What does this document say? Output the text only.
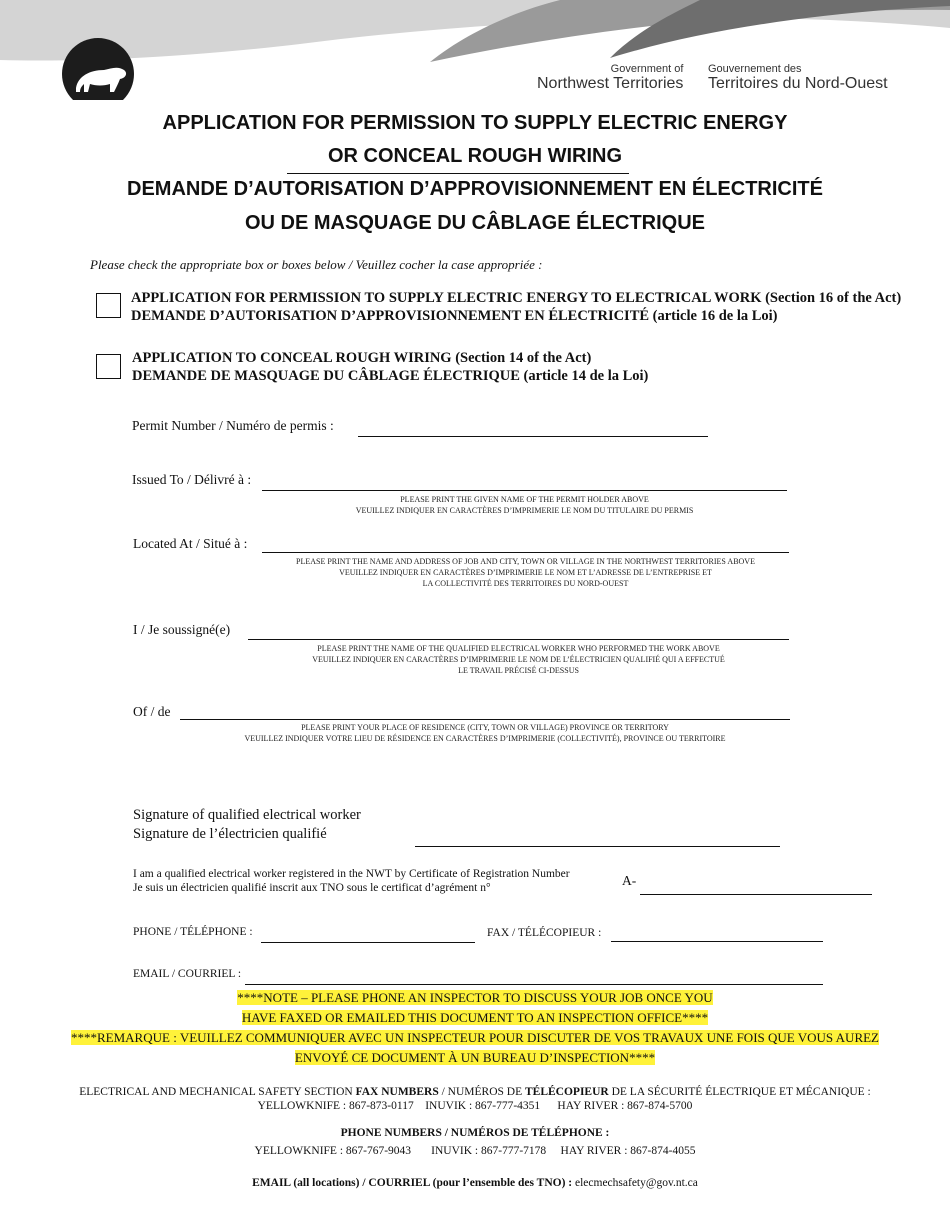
Government of
Northwest Territories
Gouvernement des
Territoires du Nord-Ouest
APPLICATION FOR PERMISSION TO SUPPLY ELECTRIC ENERGY
OR CONCEAL ROUGH WIRING
DEMANDE D’AUTORISATION D’APPROVISIONNEMENT EN ÉLECTRICITÉ
OU DE MASQUAGE DU CÂBLAGE ÉLECTRIQUE
Please check the appropriate box or boxes below / Veuillez cocher la case appropriée :
APPLICATION FOR PERMISSION TO SUPPLY ELECTRIC ENERGY TO ELECTRICAL WORK (Section 16 of the Act)
DEMANDE D’AUTORISATION D’APPROVISIONNEMENT EN ÉLECTRICITÉ (article 16 de la Loi)
APPLICATION TO CONCEAL ROUGH WIRING (Section 14 of the Act)
DEMANDE DE MASQUAGE DU CÂBLAGE ÉLECTRIQUE (article 14 de la Loi)
Permit Number / Numéro de permis :
Issued To / Délivré à :
PLEASE PRINT THE GIVEN NAME OF THE PERMIT HOLDER ABOVE
VEUILLEZ INDIQUER EN CARACTÈRES D’IMPRIMERIE LE NOM DU TITULAIRE DU PERMIS
Located At / Situé à :
PLEASE PRINT THE NAME AND ADDRESS OF JOB AND CITY, TOWN OR VILLAGE IN THE NORTHWEST TERRITORIES ABOVE
VEUILLEZ INDIQUER EN CARACTÈRES D’IMPRIMERIE LE NOM ET L’ADRESSE DE L’ENTREPRISE ET
LA COLLECTIVITÉ DES TERRITOIRES DU NORD-OUEST
I / Je soussigné(e)
PLEASE PRINT THE NAME OF THE QUALIFIED ELECTRICAL WORKER WHO PERFORMED THE WORK ABOVE
VEUILLEZ INDIQUER EN CARACTÈRES D’IMPRIMERIE LE NOM DE L’ÉLECTRICIEN QUALIFIÉ QUI A EFFECTUÉ
LE TRAVAIL PRÉCISÉ CI-DESSUS
Of / de
PLEASE PRINT YOUR PLACE OF RESIDENCE (CITY, TOWN OR VILLAGE) PROVINCE OR TERRITORY
VEUILLEZ INDIQUER VOTRE LIEU DE RÉSIDENCE EN CARACTÈRES D’IMPRIMERIE (COLLECTIVITÉ), PROVINCE OU TERRITOIRE
Signature of qualified electrical worker
Signature de l’électricien qualifié
I am a qualified electrical worker registered in the NWT by Certificate of Registration Number
Je suis un électricien qualifié inscrit aux TNO sous le certificat d’agrément n°	A-
PHONE / TÉLÉPHONE :	FAX / TÉLÉCOPIEUR :
EMAIL / COURRIEL :
****NOTE – PLEASE PHONE AN INSPECTOR TO DISCUSS YOUR JOB ONCE YOU
HAVE FAXED OR EMAILED THIS DOCUMENT TO AN INSPECTION OFFICE****
****REMARQUE : VEUILLEZ COMMUNIQUER AVEC UN INSPECTEUR POUR DISCUTER DE VOS TRAVAUX UNE FOIS QUE VOUS AUREZ
ENVOYÉ CE DOCUMENT À UN BUREAU D’INSPECTION****
ELECTRICAL AND MECHANICAL SAFETY SECTION FAX NUMBERS / NUMÉROS DE TÉLÉCOPIEUR DE LA SÉCURITÉ ÉLECTRIQUE ET MÉCANIQUE :
YELLOWKNIFE : 867-873-0117    INUVIK : 867-777-4351      HAY RIVER : 867-874-5700
PHONE NUMBERS / NUMÉROS DE TÉLÉPHONE :
YELLOWKNIFE : 867-767-9043       INUVIK : 867-777-7178     HAY RIVER : 867-874-4055
EMAIL (all locations) / COURRIEL (pour l’ensemble des TNO) : elecmechsafety@gov.nt.ca
